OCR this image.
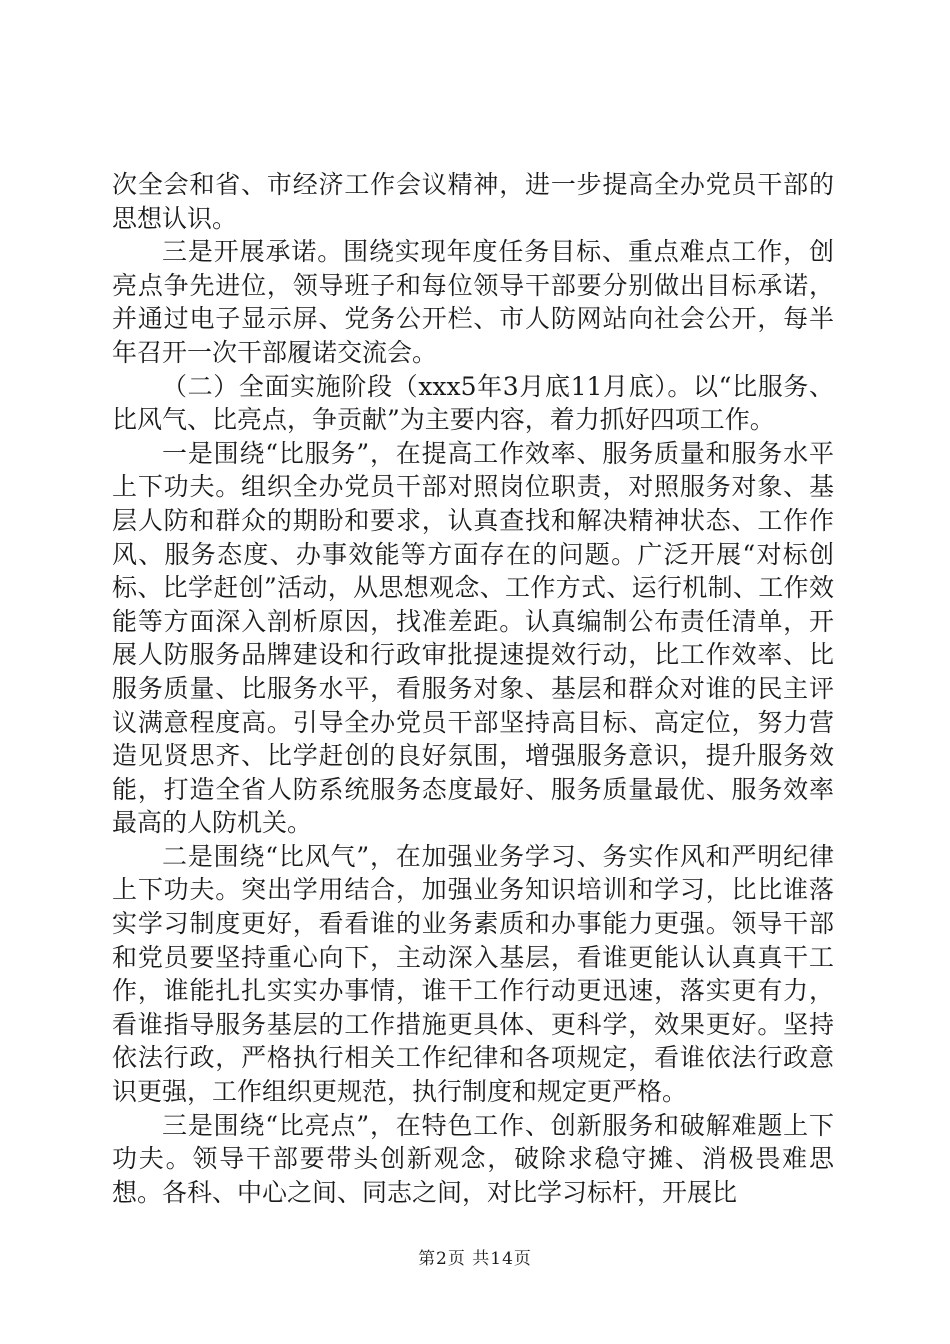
次全会和省、市经济工作会议精神，进一步提高全办党员干部的思想认识。

三是开展承诺。围绕实现年度任务目标、重点难点工作，创亮点争先进位，领导班子和每位领导干部要分别做出目标承诺，并通过电子显示屏、党务公开栏、市人防网站向社会公开，每半年召开一次干部履诺交流会。

（二）全面实施阶段（xxx5年3月底11月底）。以“比服务、比风气、比亮点，争贡献”为主要内容，着力抓好四项工作。

一是围绕“比服务”，在提高工作效率、服务质量和服务水平上下功夫。组织全办党员干部对照岗位职责，对照服务对象、基层人防和群众的期盼和要求，认真查找和解决精神状态、工作作风、服务态度、办事效能等方面存在的问题。广泛开展“对标创标、比学赶创”活动，从思想观念、工作方式、运行机制、工作效能等方面深入剖析原因，找准差距。认真编制公布责任清单，开展人防服务品牌建设和行政审批提速提效行动，比工作效率、比服务质量、比服务水平，看服务对象、基层和群众对谁的民主评议满意程度高。引导全办党员干部坚持高目标、高定位，努力营造见贤思齐、比学赶创的良好氛围，增强服务意识，提升服务效能，打造全省人防系统服务态度最好、服务质量最优、服务效率最高的人防机关。

二是围绕“比风气”，在加强业务学习、务实作风和严明纪律上下功夫。突出学用结合，加强业务知识培训和学习，比比谁落实学习制度更好，看看谁的业务素质和办事能力更强。领导干部和党员要坚持重心向下，主动深入基层，看谁更能认认真真干工作，谁能扎扎实实办事情，谁干工作行动更迅速，落实更有力，看谁指导服务基层的工作措施更具体、更科学，效果更好。坚持依法行政，严格执行相关工作纪律和各项规定，看谁依法行政意识更强，工作组织更规范，执行制度和规定更严格。

三是围绕“比亮点”，在特色工作、创新服务和破解难题上下功夫。领导干部要带头创新观念，破除求稳守摊、消极畏难思想。各科、中心之间、同志之间，对比学习标杆，开展比

第2页 共14页
